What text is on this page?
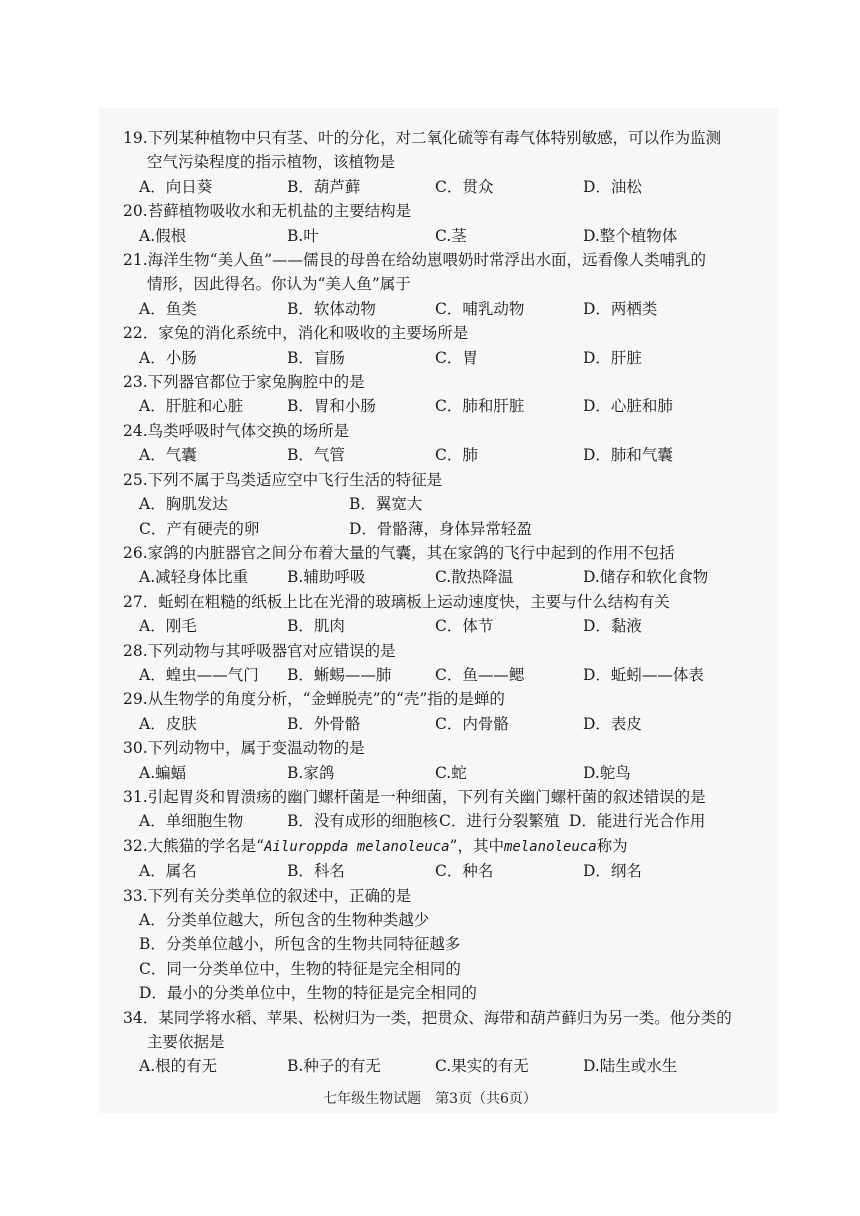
19.下列某种植物中只有茎、叶的分化，对二氧化硫等有毒气体特别敏感，可以作为监测
空气污染程度的指示植物，该植物是
A．向日葵	B．葫芦藓	C．贯众	D．油松
20.苔藓植物吸收水和无机盐的主要结构是
A.假根	B.叶	C.茎	D.整个植物体
21.海洋生物“美人鱼”——儒艮的母兽在给幼崽喂奶时常浮出水面，远看像人类哺乳的
情形，因此得名。你认为“美人鱼”属于
A．鱼类	B．软体动物	C．哺乳动物	D．两栖类
22．家兔的消化系统中，消化和吸收的主要场所是
A．小肠	B．盲肠	C．胃	D．肝脏
23.下列器官都位于家兔胸腔中的是
A．肝脏和心脏	B．胃和小肠	C．肺和肝脏	D．心脏和肺
24.鸟类呼吸时气体交换的场所是
A．气囊	B．气管	C．肺	D．肺和气囊
25.下列不属于鸟类适应空中飞行生活的特征是
A．胸肌发达	B．翼宽大
C．产有硬壳的卵	D．骨骼薄，身体异常轻盈
26.家鸽的内脏器官之间分布着大量的气囊，其在家鸽的飞行中起到的作用不包括
A.减轻身体比重	B.辅助呼吸	C.散热降温	D.储存和软化食物
27．蚯蚓在粗糙的纸板上比在光滑的玻璃板上运动速度快，主要与什么结构有关
A．刚毛	B．肌肉	C．体节	D．黏液
28.下列动物与其呼吸器官对应错误的是
A．蝗虫——气门	B．蜥蜴——肺	C．鱼——鳃	D．蚯蚓——体表
29.从生物学的角度分析，“金蝉脱壳”的“壳”指的是蝉的
A．皮肤	B．外骨骼	C．内骨骼	D．表皮
30.下列动物中，属于变温动物的是
A.蝙蝠	B.家鸽	C.蛇	D.鸵鸟
31.引起胃炎和胃溃疡的幽门螺杆菌是一种细菌，下列有关幽门螺杆菌的叙述错误的是
A．单细胞生物	B．没有成形的细胞核 C．进行分裂繁殖 D．能进行光合作用
32.大熊猫的学名是“Ailuroppda melanoleuca”，其中melanoleuca称为
A．属名	B．科名	C．种名	D．纲名
33.下列有关分类单位的叙述中，正确的是
A．分类单位越大，所包含的生物种类越少
B．分类单位越小，所包含的生物共同特征越多
C．同一分类单位中，生物的特征是完全相同的
D．最小的分类单位中，生物的特征是完全相同的
34．某同学将水稻、苹果、松树归为一类，把贯众、海带和葫芦藓归为另一类。他分类的
主要依据是
A.根的有无	B.种子的有无	C.果实的有无	D.陆生或水生
七年级生物试题　第3页（共6页）
